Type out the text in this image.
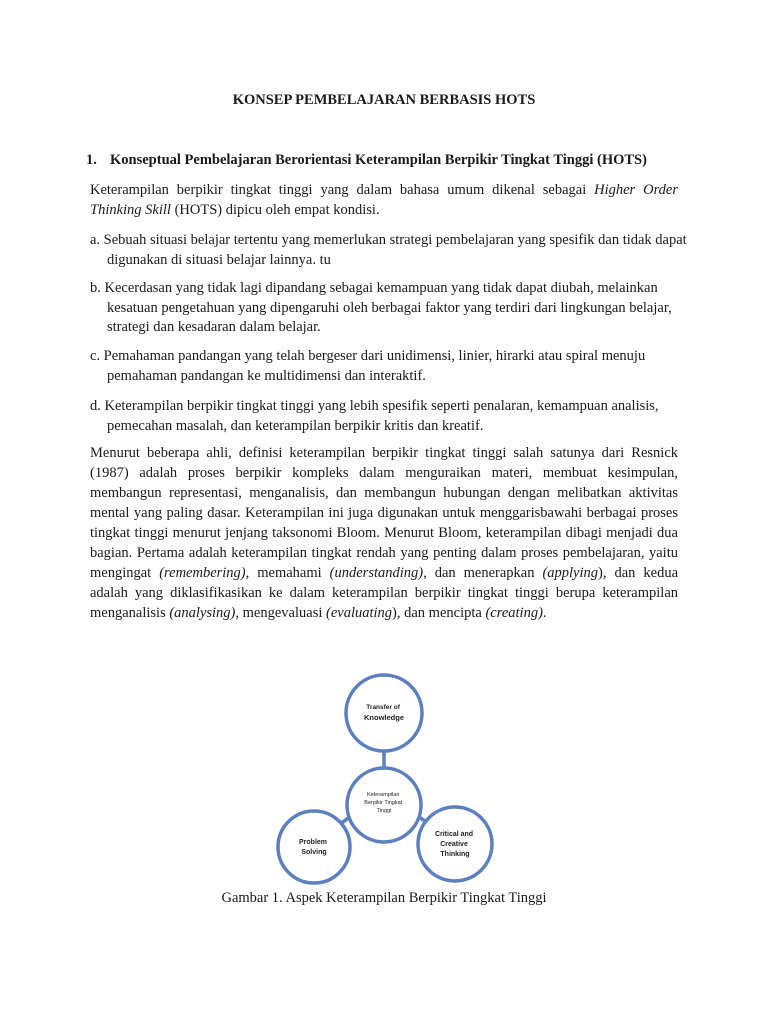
KONSEP PEMBELAJARAN BERBASIS HOTS
1. Konseptual Pembelajaran Berorientasi Keterampilan Berpikir Tingkat Tinggi (HOTS)
Keterampilan berpikir tingkat tinggi yang dalam bahasa umum dikenal sebagai Higher Order Thinking Skill (HOTS) dipicu oleh empat kondisi.
a. Sebuah situasi belajar tertentu yang memerlukan strategi pembelajaran yang spesifik dan tidak dapat digunakan di situasi belajar lainnya. tu
b. Kecerdasan yang tidak lagi dipandang sebagai kemampuan yang tidak dapat diubah, melainkan kesatuan pengetahuan yang dipengaruhi oleh berbagai faktor yang terdiri dari lingkungan belajar, strategi dan kesadaran dalam belajar.
c. Pemahaman pandangan yang telah bergeser dari unidimensi, linier, hirarki atau spiral menuju pemahaman pandangan ke multidimensi dan interaktif.
d. Keterampilan berpikir tingkat tinggi yang lebih spesifik seperti penalaran, kemampuan analisis, pemecahan masalah, dan keterampilan berpikir kritis dan kreatif.
Menurut beberapa ahli, definisi keterampilan berpikir tingkat tinggi salah satunya dari Resnick (1987) adalah proses berpikir kompleks dalam menguraikan materi, membuat kesimpulan, membangun representasi, menganalisis, dan membangun hubungan dengan melibatkan aktivitas mental yang paling dasar. Keterampilan ini juga digunakan untuk menggarisbawahi berbagai proses tingkat tinggi menurut jenjang taksonomi Bloom. Menurut Bloom, keterampilan dibagi menjadi dua bagian. Pertama adalah keterampilan tingkat rendah yang penting dalam proses pembelajaran, yaitu mengingat (remembering), memahami (understanding), dan menerapkan (applying), dan kedua adalah yang diklasifikasikan ke dalam keterampilan berpikir tingkat tinggi berupa keterampilan menganalisis (analysing), mengevaluasi (evaluating), dan mencipta (creating).
Transfer of Knowledge
Keterampilan Berpikir Tingkat Tinggi
Problem Solving
Critical and Creative Thinking
Gambar 1. Aspek Keterampilan Berpikir Tingkat Tinggi
